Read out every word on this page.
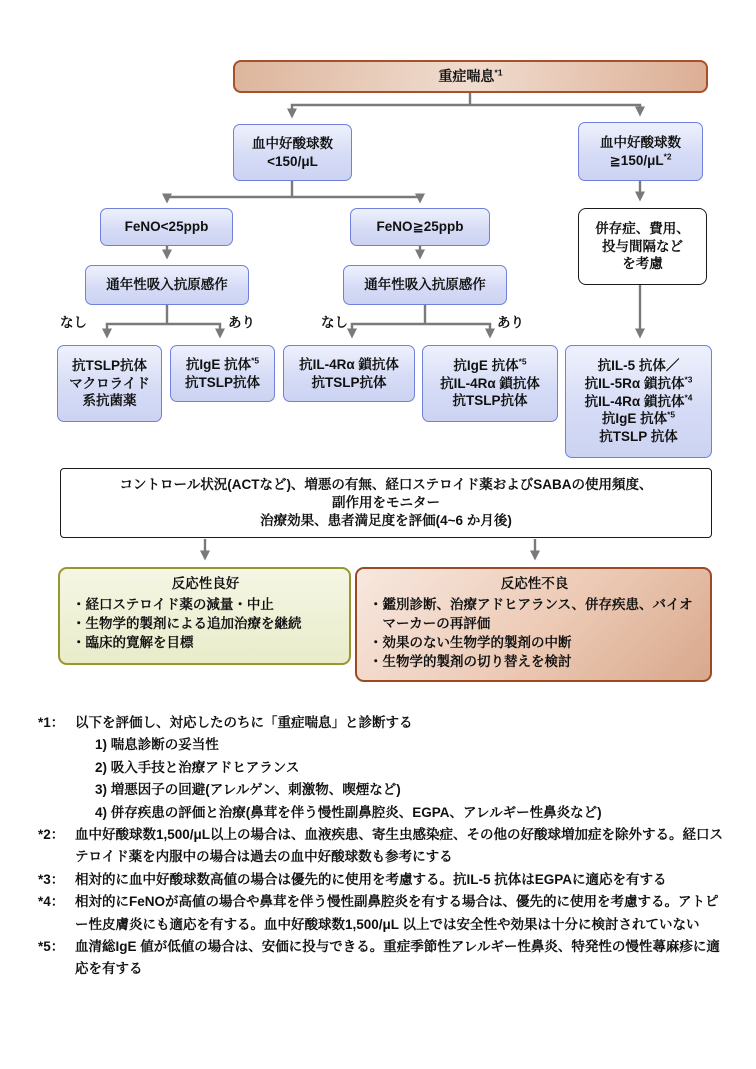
重症喘息$^{*1}$
血中好酸球数
<150/μL
血中好酸球数
$≧150/\mu L^{*2}$
FeNO<25ppb	FeNO≧25ppb
通年性吸入抗原感作	通年性吸入抗原感作
併存症、費用、
投与間隔など
を考慮
なし	あり	なし	あり
抗TSLP抗体
マクロライド
系抗菌薬
抗IgE 抗体$^{*5}$
抗TSLP抗体
抗IL-4Rα 鎖抗体
抗TSLP抗体
抗IgE 抗体$^{*5}$
抗IL-4Rα 鎖抗体
抗TSLP抗体
抗IL-5 抗体／
抗IL-5Rα 鎖抗体$^{*3}$
抗IL-4Rα 鎖抗体$^{*4}$
抗IgE 抗体$^{*5}$
抗TSLP 抗体
コントロール状況(ACTなど)、増悪の有無、経口ステロイド薬およびSABAの使用頻度、
副作用をモニター
治療効果、患者満足度を評価(4~6 か月後)
反応性良好
・経口ステロイド薬の減量・中止
・生物学的製剤による追加治療を継続
・臨床的寛解を目標
反応性不良
・鑑別診断、治療アドヒアランス、併存疾患、バイオマーカーの再評価
・効果のない生物学的製剤の中断
・生物学的製剤の切り替えを検討
*1： 以下を評価し、対応したのちに「重症喘息」と診断する
1) 喘息診断の妥当性
2) 吸入手技と治療アドヒアランス
3) 増悪因子の回避(アレルゲン、刺激物、喫煙など)
4) 併存疾患の評価と治療(鼻茸を伴う慢性副鼻腔炎、EGPA、アレルギー性鼻炎など)
*2： 血中好酸球数1,500/μL以上の場合は、血液疾患、寄生虫感染症、その他の好酸球増加症を除外する。経口ステロイド薬を内服中の場合は過去の血中好酸球数も参考にする
*3： 相対的に血中好酸球数高値の場合は優先的に使用を考慮する。抗IL-5 抗体はEGPAに適応を有する
*4： 相対的にFeNOが高値の場合や鼻茸を伴う慢性副鼻腔炎を有する場合は、優先的に使用を考慮する。アトピー性皮膚炎にも適応を有する。血中好酸球数1,500/μL 以上では安全性や効果は十分に検討されていない
*5： 血清総IgE 値が低値の場合は、安価に投与できる。重症季節性アレルギー性鼻炎、特発性の慢性蕁麻疹に適応を有する
